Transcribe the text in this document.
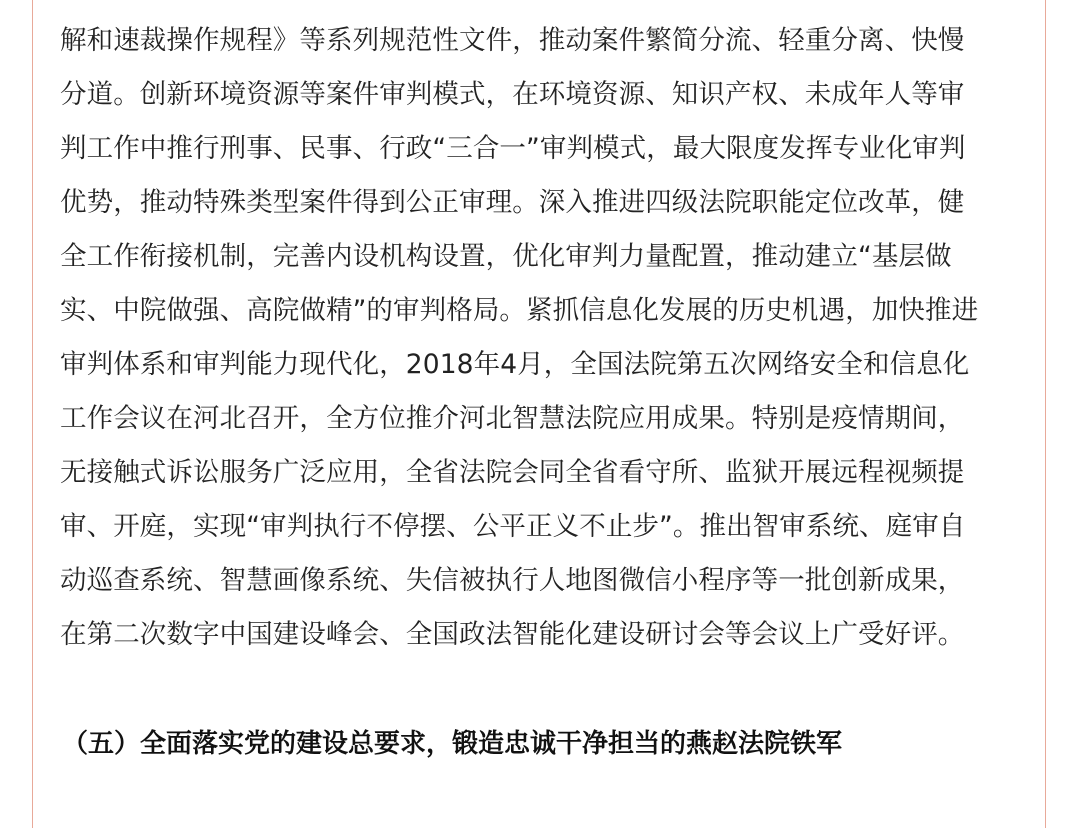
解和速裁操作规程》等系列规范性文件，推动案件繁简分流、轻重分离、快慢
分道。创新环境资源等案件审判模式，在环境资源、知识产权、未成年人等审
判工作中推行刑事、民事、行政“三合一”审判模式，最大限度发挥专业化审判
优势，推动特殊类型案件得到公正审理。深入推进四级法院职能定位改革，健
全工作衔接机制，完善内设机构设置，优化审判力量配置，推动建立“基层做
实、中院做强、高院做精”的审判格局。紧抓信息化发展的历史机遇，加快推进
审判体系和审判能力现代化，2018年4月，全国法院第五次网络安全和信息化
工作会议在河北召开，全方位推介河北智慧法院应用成果。特别是疫情期间，
无接触式诉讼服务广泛应用，全省法院会同全省看守所、监狱开展远程视频提
审、开庭，实现“审判执行不停摆、公平正义不止步”。推出智审系统、庭审自
动巡查系统、智慧画像系统、失信被执行人地图微信小程序等一批创新成果，
在第二次数字中国建设峰会、全国政法智能化建设研讨会等会议上广受好评。
（五）全面落实党的建设总要求，锻造忠诚干净担当的燕赵法院铁军
